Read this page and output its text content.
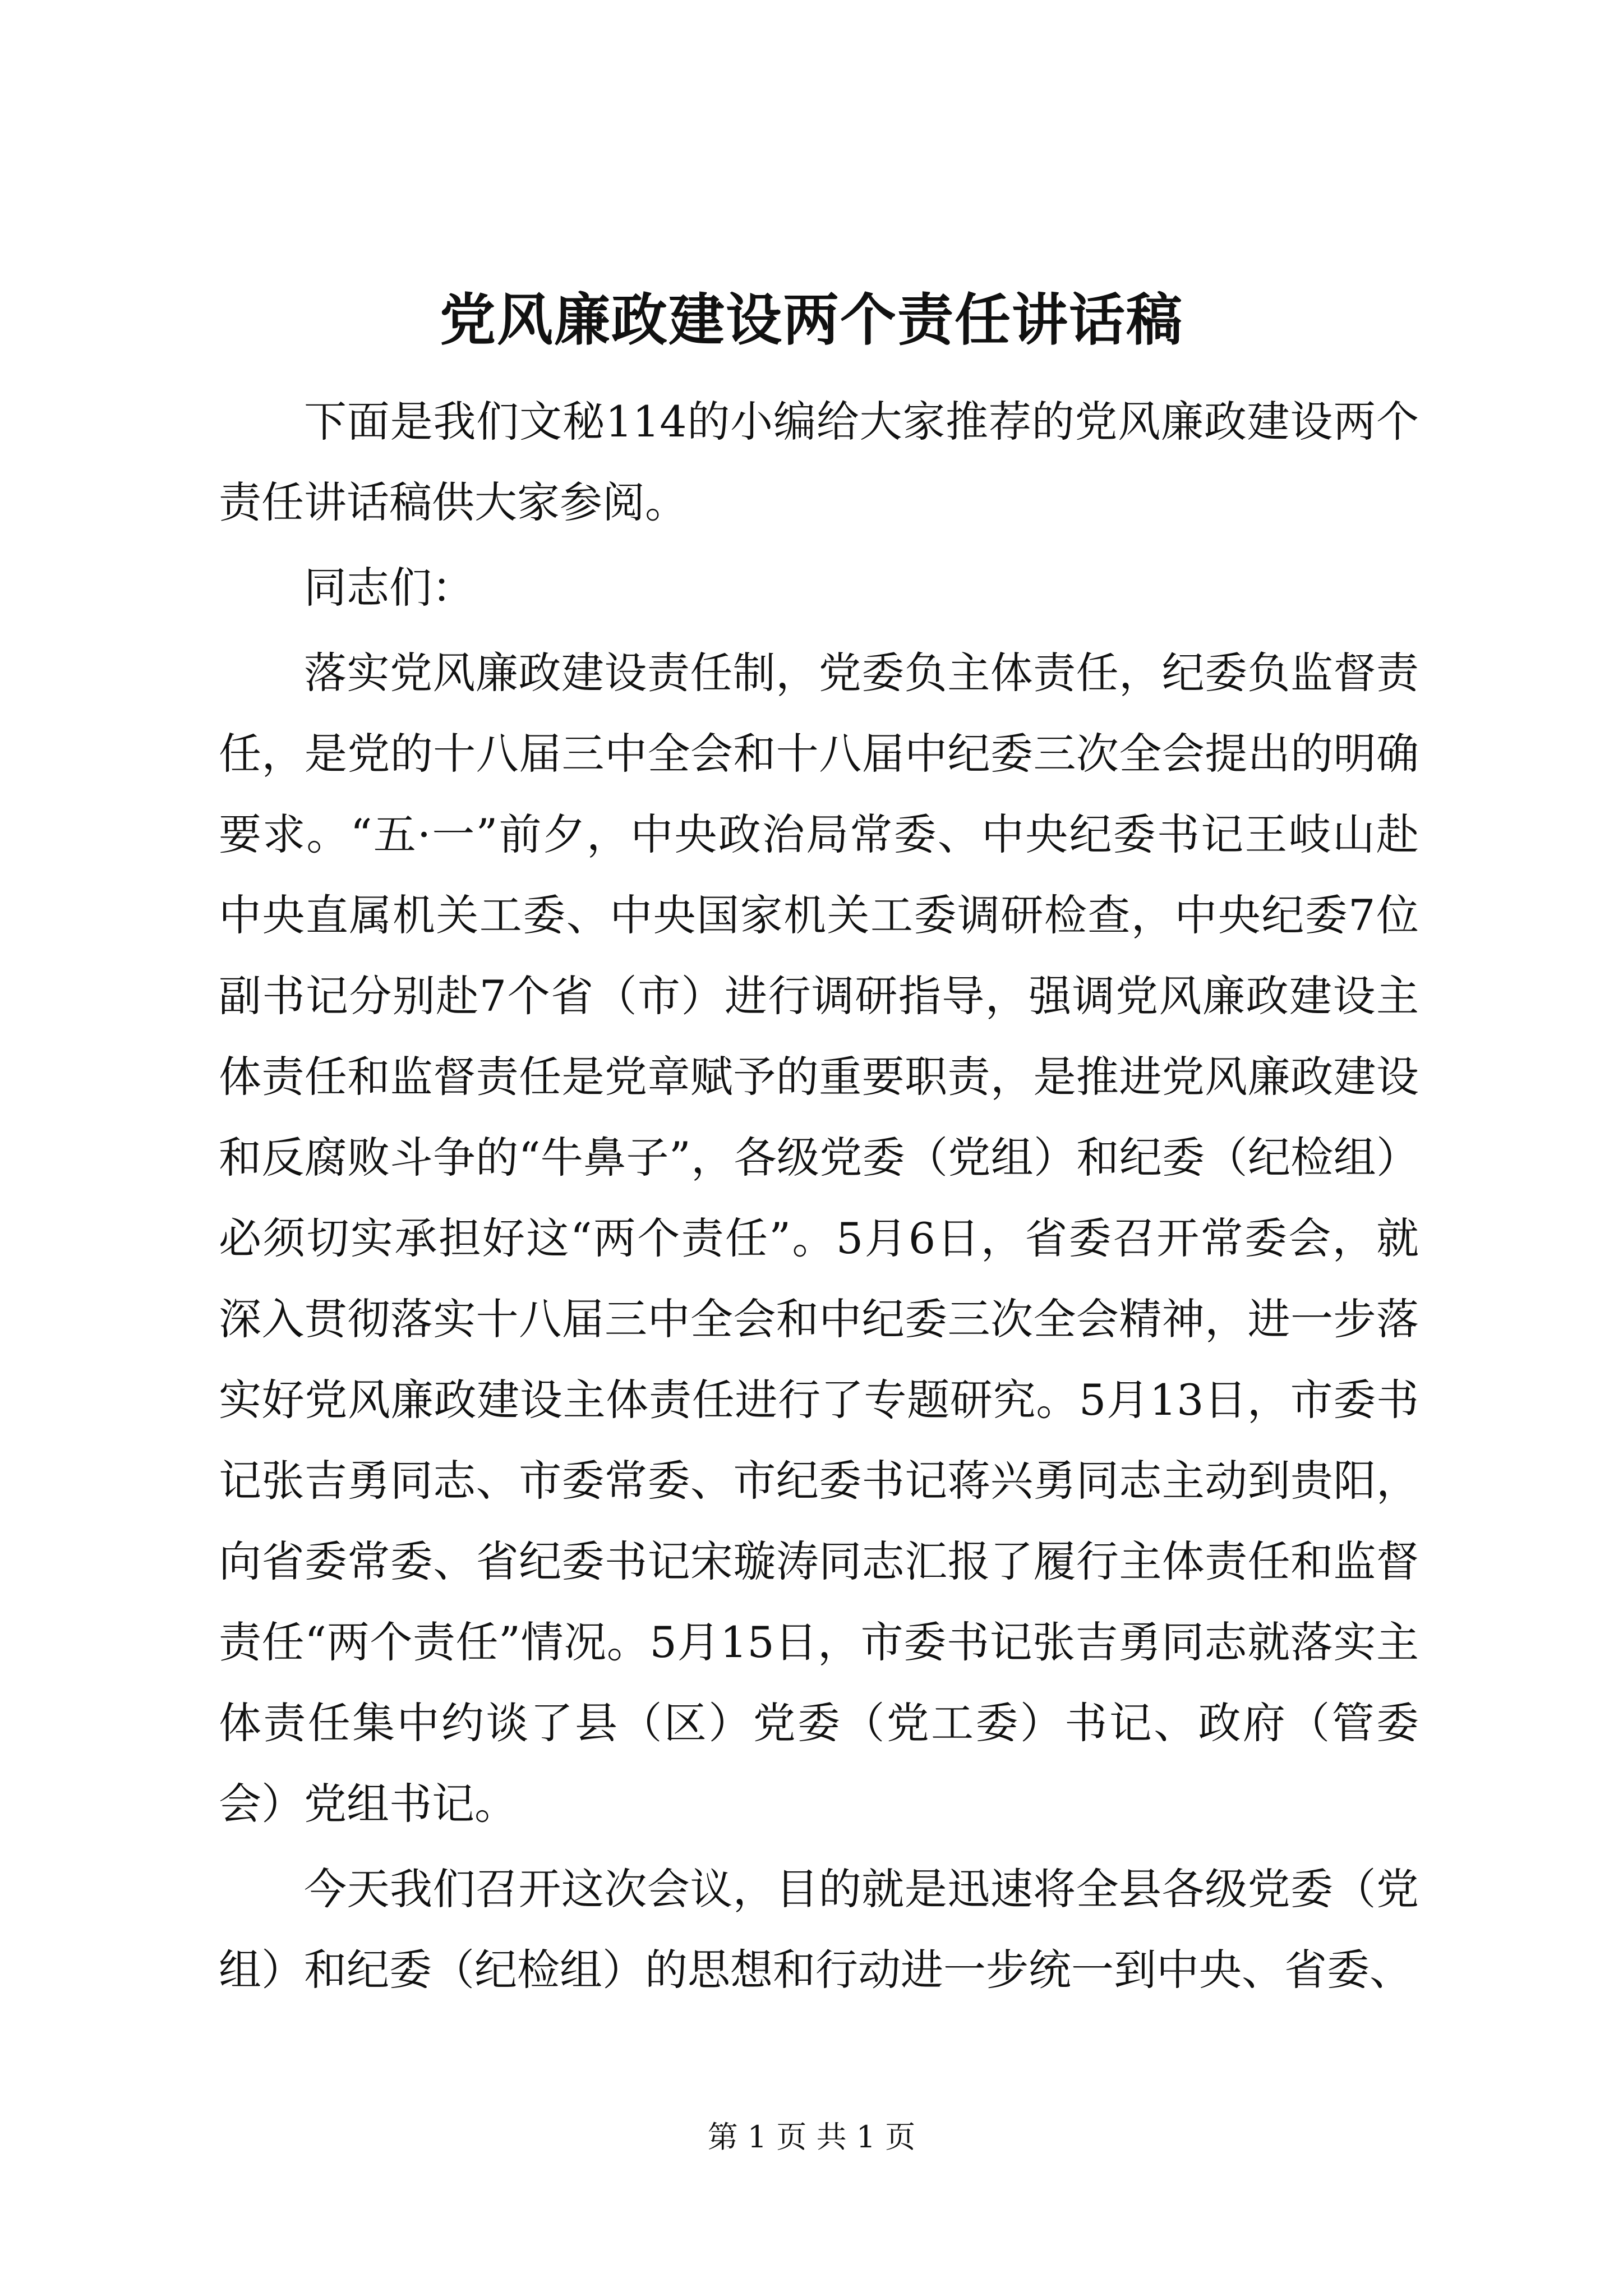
党风廉政建设两个责任讲话稿

下面是我们文秘114的小编给大家推荐的党风廉政建设两个责任讲话稿供大家参阅。

同志们：

落实党风廉政建设责任制，党委负主体责任，纪委负监督责任，是党的十八届三中全会和十八届中纪委三次全会提出的明确要求。“五·一”前夕，中央政治局常委、中央纪委书记王岐山赴中央直属机关工委、中央国家机关工委调研检查，中央纪委7位副书记分别赴7个省（市）进行调研指导，强调党风廉政建设主体责任和监督责任是党章赋予的重要职责，是推进党风廉政建设和反腐败斗争的“牛鼻子”，各级党委（党组）和纪委（纪检组）必须切实承担好这“两个责任”。5月6日，省委召开常委会，就深入贯彻落实十八届三中全会和中纪委三次全会精神，进一步落实好党风廉政建设主体责任进行了专题研究。5月13日，市委书记张吉勇同志、市委常委、市纪委书记蒋兴勇同志主动到贵阳，向省委常委、省纪委书记宋璇涛同志汇报了履行主体责任和监督责任“两个责任”情况。5月15日，市委书记张吉勇同志就落实主体责任集中约谈了县（区）党委（党工委）书记、政府（管委会）党组书记。

今天我们召开这次会议，目的就是迅速将全县各级党委（党组）和纪委（纪检组）的思想和行动进一步统一到中央、省委、

第 1 页 共 1 页
